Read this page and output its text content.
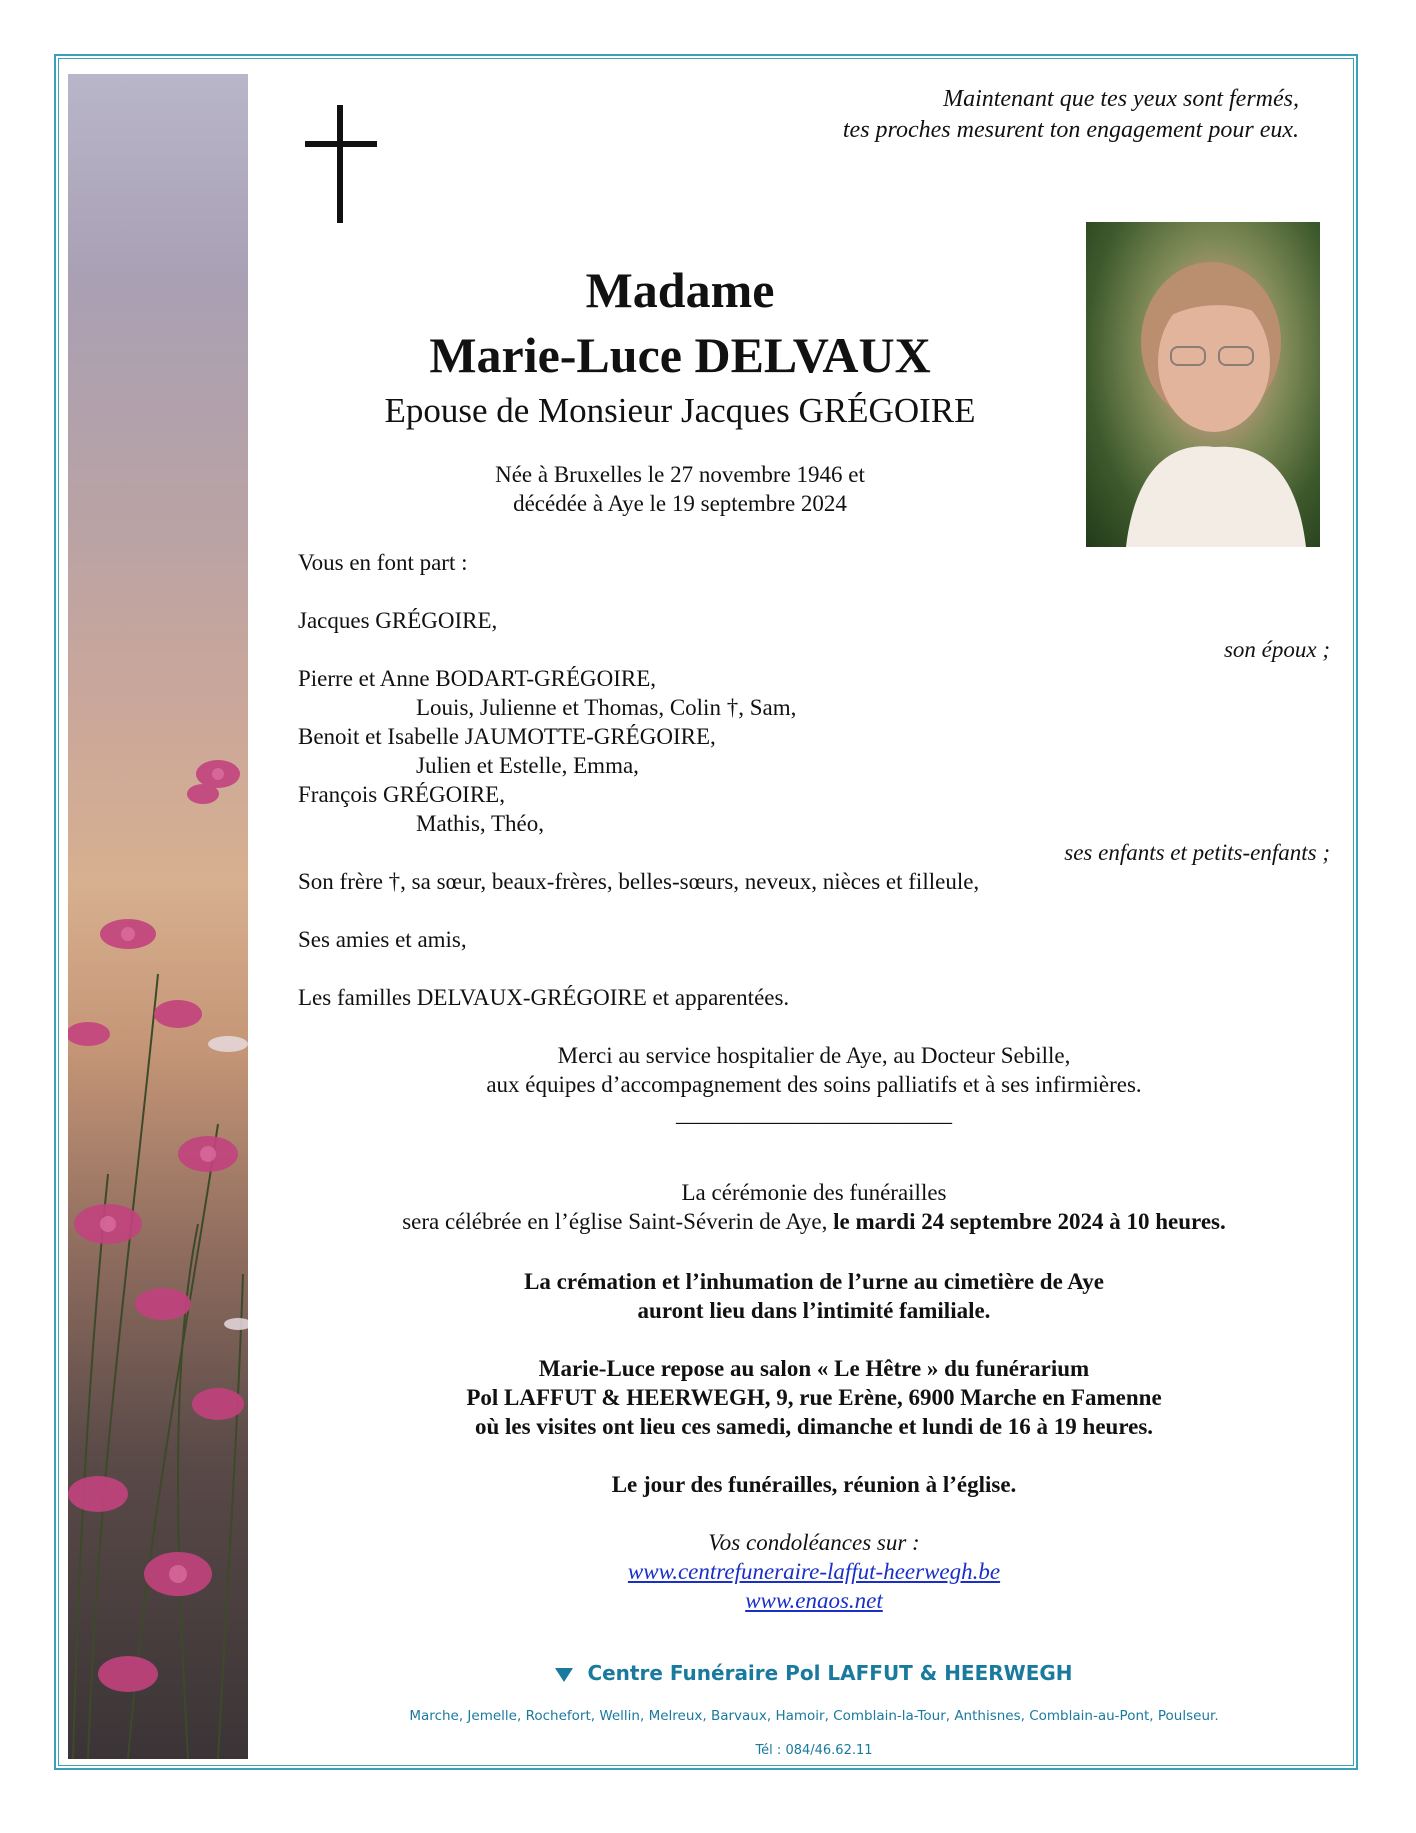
Maintenant que tes yeux sont fermés,
tes proches mesurent ton engagement pour eux.
Madame
Marie-Luce DELVAUX
Epouse de Monsieur Jacques GRÉGOIRE
Née à Bruxelles le 27 novembre 1946 et
décédée à Aye le 19 septembre 2024
Vous en font part :
Jacques GRÉGOIRE,
son époux ;
Pierre et Anne BODART-GRÉGOIRE,
Louis, Julienne et Thomas, Colin †, Sam,
Benoit et Isabelle JAUMOTTE-GRÉGOIRE,
Julien et Estelle, Emma,
François GRÉGOIRE,
Mathis, Théo,
ses enfants et petits-enfants ;
Son frère †, sa sœur, beaux-frères, belles-sœurs, neveux, nièces et filleule,
Ses amies et amis,
Les familles DELVAUX-GRÉGOIRE et apparentées.
Merci au service hospitalier de Aye, au Docteur Sebille,
aux équipes d’accompagnement des soins palliatifs et à ses infirmières.
________________________
La cérémonie des funérailles
sera célébrée en l’église Saint-Séverin de Aye, le mardi 24 septembre 2024 à 10 heures.
La crémation et l’inhumation de l’urne au cimetière de Aye
auront lieu dans l’intimité familiale.
Marie-Luce repose au salon « Le Hêtre » du funérarium
Pol LAFFUT & HEERWEGH, 9, rue Erène, 6900 Marche en Famenne
où les visites ont lieu ces samedi, dimanche et lundi de 16 à 19 heures.
Le jour des funérailles, réunion à l’église.
Vos condoléances sur :
www.centrefuneraire-laffut-heerwegh.be
www.enaos.net
Centre Funéraire Pol LAFFUT & HEERWEGH
Marche, Jemelle, Rochefort, Wellin, Melreux, Barvaux, Hamoir, Comblain-la-Tour, Anthisnes, Comblain-au-Pont, Poulseur.
Tél : 084/46.62.11
